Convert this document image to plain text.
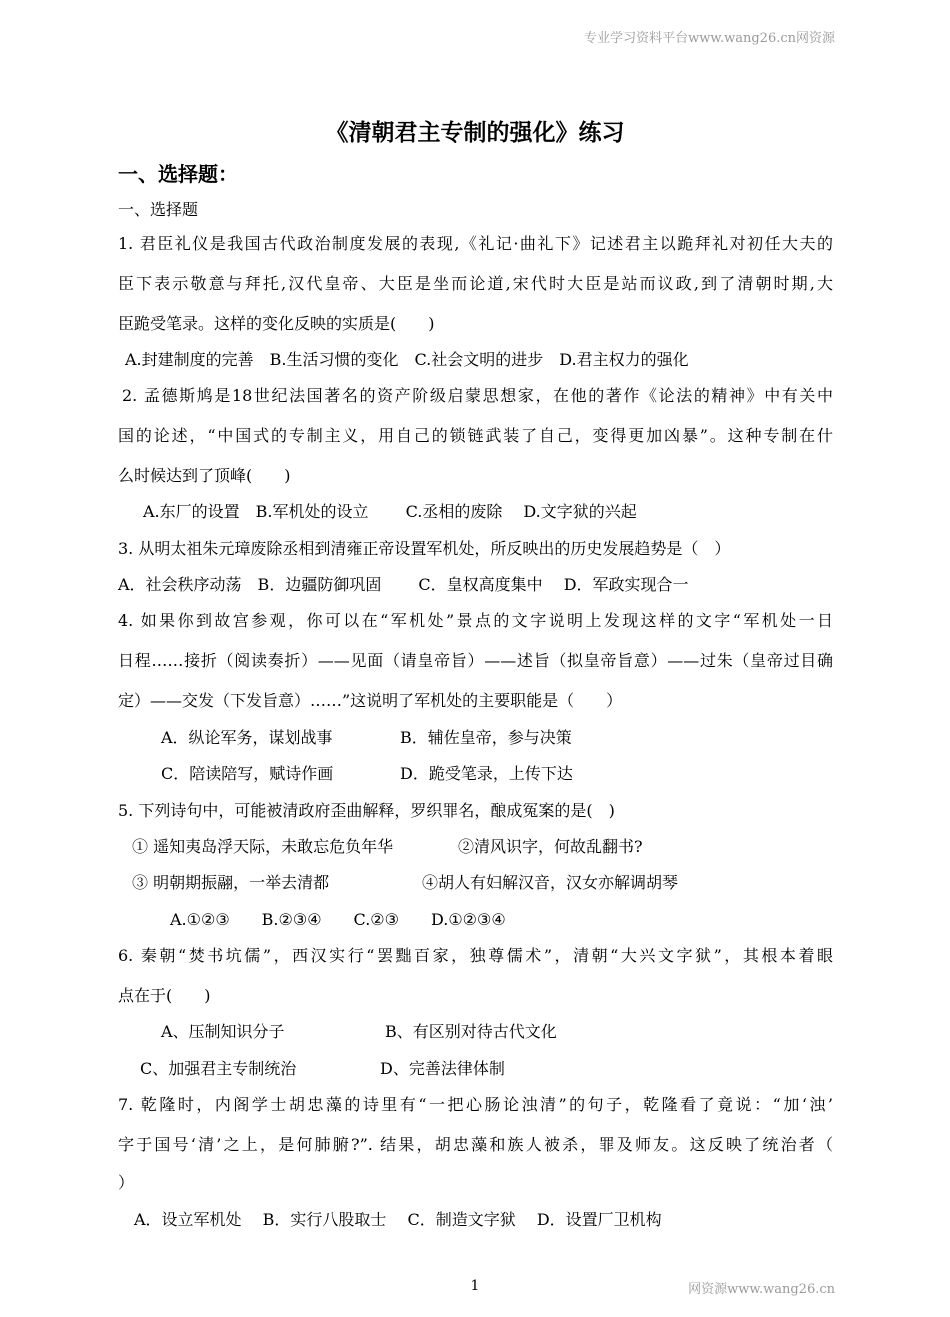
专业学习资料平台www.wang26.cn网资源
《清朝君主专制的强化》练习
一、选择题：
一、选择题
1. 君臣礼仪是我国古代政治制度发展的表现,《礼记·曲礼下》记述君主以跪拜礼对初任大夫的
臣下表示敬意与拜托,汉代皇帝、大臣是坐而论道,宋代时大臣是站而议政,到了清朝时期,大
臣跪受笔录。这样的变化反映的实质是(　　)
A.封建制度的完善　B.生活习惯的变化　C.社会文明的进步　D.君主权力的强化
2. 孟德斯鸠是18世纪法国著名的资产阶级启蒙思想家，在他的著作《论法的精神》中有关中
国的论述，“中国式的专制主义，用自己的锁链武装了自己，变得更加凶暴”。这种专制在什
么时候达到了顶峰(　　)
A.东厂的设置　B.军机处的设立　　 C.丞相的废除　 D.文字狱的兴起
3. 从明太祖朱元璋废除丞相到清雍正帝设置军机处，所反映出的历史发展趋势是（　）
A．社会秩序动荡　B．边疆防御巩固　　 C．皇权高度集中　 D．军政实现合一
4. 如果你到故宫参观，你可以在“军机处”景点的文字说明上发现这样的文字“军机处一日
日程……接折（阅读奏折）——见面（请皇帝旨）——述旨（拟皇帝旨意）——过朱（皇帝过目确
定）——交发（下发旨意）……”这说明了军机处的主要职能是（　　）
A．纵论军务，谋划战事	B．辅佐皇帝，参与决策
C．陪读陪写，赋诗作画	D．跪受笔录，上传下达
5. 下列诗句中，可能被清政府歪曲解释，罗织罪名，酿成冤案的是(　)
① 遥知夷岛浮天际，未敢忘危负年华	②清风识字，何故乱翻书?
③ 明朝期振翮，一举去清都	④胡人有妇解汉音，汉女亦解调胡琴
A.①②③　　B.②③④　　C.②③　　D.①②③④
6. 秦朝“焚书坑儒”，西汉实行“罢黜百家，独尊儒术”，清朝“大兴文字狱”，其根本着眼
点在于(　　)
A、压制知识分子	B、有区别对待古代文化
C、加强君主专制统治	D、完善法律体制
7. 乾隆时，内阁学士胡忠藻的诗里有“一把心肠论浊清”的句子，乾隆看了竟说：“加‘浊’
字于国号‘清’之上，是何肺腑?”. 结果，胡忠藻和族人被杀，罪及师友。这反映了统治者（
）
A．设立军机处　 B．实行八股取士　 C．制造文字狱　 D．设置厂卫机构
1	网资源www.wang26.cn
